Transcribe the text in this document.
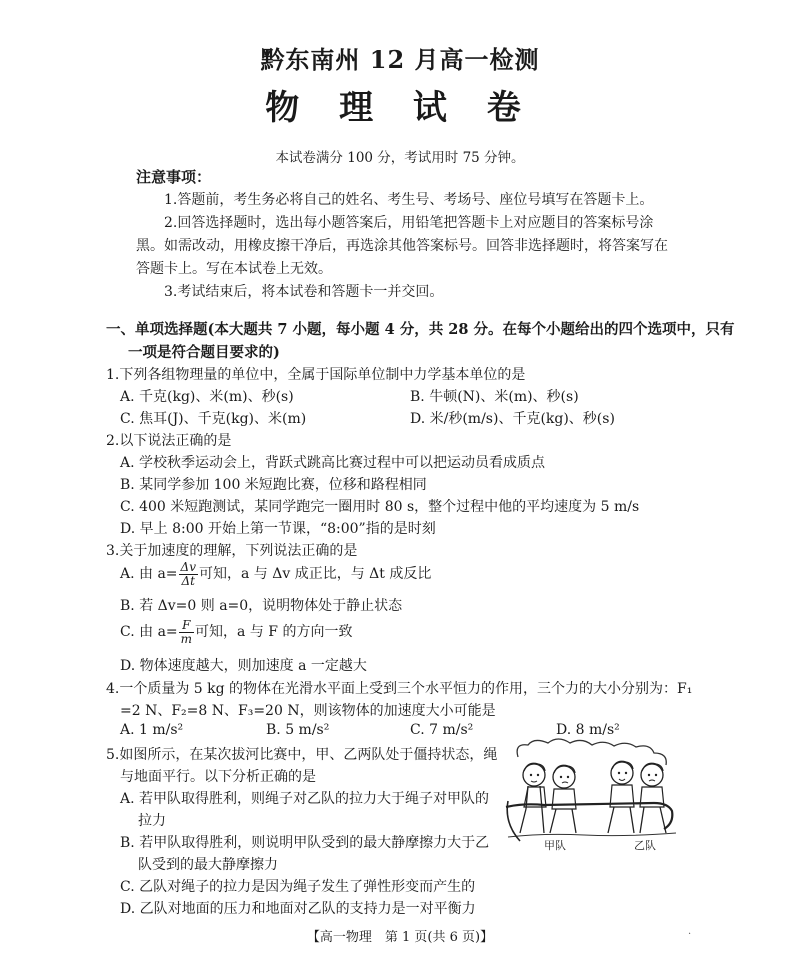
黔东南州 12 月高一检测
物 理 试 卷
本试卷满分 100 分，考试用时 75 分钟。
注意事项：
1.答题前，考生务必将自己的姓名、考生号、考场号、座位号填写在答题卡上。
2.回答选择题时，选出每小题答案后，用铅笔把答题卡上对应题目的答案标号涂
黑。如需改动，用橡皮擦干净后，再选涂其他答案标号。回答非选择题时，将答案写在
答题卡上。写在本试卷上无效。
3.考试结束后，将本试卷和答题卡一并交回。
一、单项选择题(本大题共 7 小题，每小题 4 分，共 28 分。在每个小题给出的四个选项中，只有
一项是符合题目要求的)
1.下列各组物理量的单位中，全属于国际单位制中力学基本单位的是
A. 千克(kg)、米(m)、秒(s)	B. 牛顿(N)、米(m)、秒(s)
C. 焦耳(J)、千克(kg)、米(m)	D. 米/秒(m/s)、千克(kg)、秒(s)
2.以下说法正确的是
A. 学校秋季运动会上，背跃式跳高比赛过程中可以把运动员看成质点
B. 某同学参加 100 米短跑比赛，位移和路程相同
C. 400 米短跑测试，某同学跑完一圈用时 80 s，整个过程中他的平均速度为 5 m/s
D. 早上 8:00 开始上第一节课，“8:00”指的是时刻
3.关于加速度的理解，下列说法正确的是
A. 由 $a= \frac{\Delta v}{\Delta t}$ 可知，a 与 Δv 成正比，与 Δt 成反比
B. 若 Δv=0 则 a=0，说明物体处于静止状态
C. 由 $a= \frac{F}{m}$ 可知，a 与 F 的方向一致
D. 物体速度越大，则加速度 a 一定越大
4.一个质量为 5 kg 的物体在光滑水平面上受到三个水平恒力的作用，三个力的大小分别为：F₁
=2 N、F₂=8 N、F₃=20 N，则该物体的加速度大小可能是
A. 1 m/s²	B. 5 m/s²	C. 7 m/s²	D. 8 m/s²
5.如图所示，在某次拔河比赛中，甲、乙两队处于僵持状态，绳
与地面平行。以下分析正确的是
A. 若甲队取得胜利，则绳子对乙队的拉力大于绳子对甲队的
拉力
B. 若甲队取得胜利，则说明甲队受到的最大静摩擦力大于乙
队受到的最大静摩擦力
C. 乙队对绳子的拉力是因为绳子发生了弹性形变而产生的
D. 乙队对地面的压力和地面对乙队的支持力是一对平衡力
甲队	乙队
【高一物理　第 1 页(共 6 页)】	·
